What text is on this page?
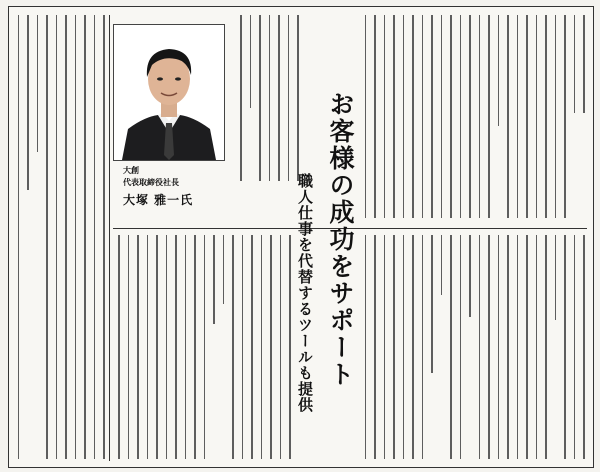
お客様の成功をサポート
職人仕事を代替するツールも提供
大創
代表取締役社長
大塚 雅一氏
